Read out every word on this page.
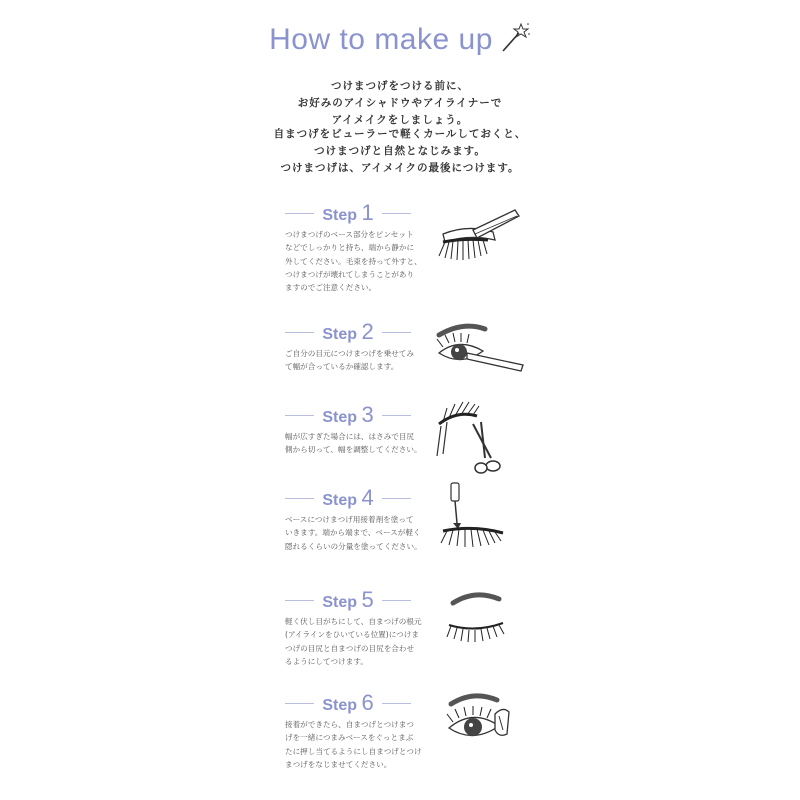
How to make up

つけまつげをつける前に、

お好みのアイシャドウやアイライナーで

アイメイクをしましょう。

自まつげをビューラーで軽くカールしておくと、

つけまつげと自然となじみます。

つけまつげは、アイメイクの最後につけます。

Step 1

つけまつげのベース部分をピンセット
などでしっかりと持ち、端から静かに
外してください。毛束を持って外すと、
つけまつげが壊れてしまうことがあり
ますのでご注意ください。

Step 2

ご自分の目元につけまつげを乗せてみ
て幅が合っているか確認します。

Step 3

幅が広すぎた場合には、はさみで目尻
側から切って、幅を調整してください。

Step 4

ベースにつけまつげ用接着剤を塗って
いきます。端から端まで、ベースが軽く
隠れるくらいの分量を塗ってください。

Step 5

軽く伏し目がちにして、自まつげの根元
(アイラインをひいている位置)につけま
つげの目尻と自まつげの目尻を合わせ
るようにしてつけます。

Step 6

接着ができたら、自まつげとつけまつ
げを一緒につまみベースをぐっとまぶ
たに押し当てるようにし自まつげとつけ
まつげをなじませてください。
